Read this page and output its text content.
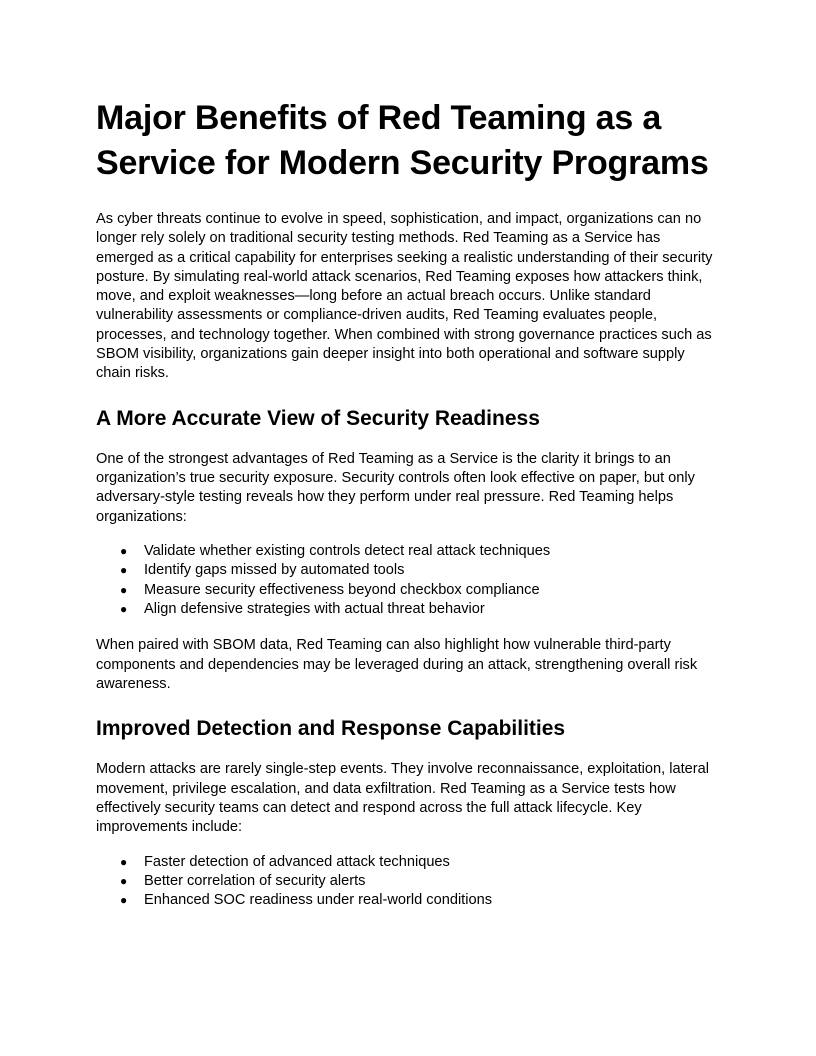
Major Benefits of Red Teaming as a Service for Modern Security Programs

As cyber threats continue to evolve in speed, sophistication, and impact, organizations can no longer rely solely on traditional security testing methods. Red Teaming as a Service has emerged as a critical capability for enterprises seeking a realistic understanding of their security posture. By simulating real-world attack scenarios, Red Teaming exposes how attackers think, move, and exploit weaknesses—long before an actual breach occurs. Unlike standard vulnerability assessments or compliance-driven audits, Red Teaming evaluates people, processes, and technology together. When combined with strong governance practices such as SBOM visibility, organizations gain deeper insight into both operational and software supply chain risks.

A More Accurate View of Security Readiness

One of the strongest advantages of Red Teaming as a Service is the clarity it brings to an organization’s true security exposure. Security controls often look effective on paper, but only adversary-style testing reveals how they perform under real pressure. Red Teaming helps organizations:

● Validate whether existing controls detect real attack techniques
● Identify gaps missed by automated tools
● Measure security effectiveness beyond checkbox compliance
● Align defensive strategies with actual threat behavior

When paired with SBOM data, Red Teaming can also highlight how vulnerable third-party components and dependencies may be leveraged during an attack, strengthening overall risk awareness.

Improved Detection and Response Capabilities

Modern attacks are rarely single-step events. They involve reconnaissance, exploitation, lateral movement, privilege escalation, and data exfiltration. Red Teaming as a Service tests how effectively security teams can detect and respond across the full attack lifecycle. Key improvements include:

● Faster detection of advanced attack techniques
● Better correlation of security alerts
● Enhanced SOC readiness under real-world conditions
